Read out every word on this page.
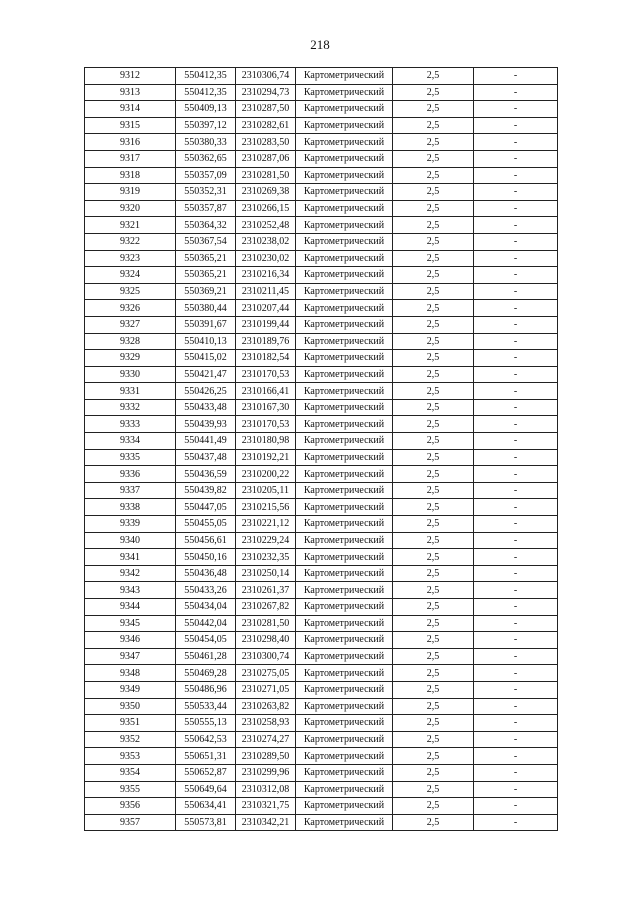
218
9312	550412,35	2310306,74	Картометрический	2,5	-
9313	550412,35	2310294,73	Картометрический	2,5	-
9314	550409,13	2310287,50	Картометрический	2,5	-
9315	550397,12	2310282,61	Картометрический	2,5	-
9316	550380,33	2310283,50	Картометрический	2,5	-
9317	550362,65	2310287,06	Картометрический	2,5	-
9318	550357,09	2310281,50	Картометрический	2,5	-
9319	550352,31	2310269,38	Картометрический	2,5	-
9320	550357,87	2310266,15	Картометрический	2,5	-
9321	550364,32	2310252,48	Картометрический	2,5	-
9322	550367,54	2310238,02	Картометрический	2,5	-
9323	550365,21	2310230,02	Картометрический	2,5	-
9324	550365,21	2310216,34	Картометрический	2,5	-
9325	550369,21	2310211,45	Картометрический	2,5	-
9326	550380,44	2310207,44	Картометрический	2,5	-
9327	550391,67	2310199,44	Картометрический	2,5	-
9328	550410,13	2310189,76	Картометрический	2,5	-
9329	550415,02	2310182,54	Картометрический	2,5	-
9330	550421,47	2310170,53	Картометрический	2,5	-
9331	550426,25	2310166,41	Картометрический	2,5	-
9332	550433,48	2310167,30	Картометрический	2,5	-
9333	550439,93	2310170,53	Картометрический	2,5	-
9334	550441,49	2310180,98	Картометрический	2,5	-
9335	550437,48	2310192,21	Картометрический	2,5	-
9336	550436,59	2310200,22	Картометрический	2,5	-
9337	550439,82	2310205,11	Картометрический	2,5	-
9338	550447,05	2310215,56	Картометрический	2,5	-
9339	550455,05	2310221,12	Картометрический	2,5	-
9340	550456,61	2310229,24	Картометрический	2,5	-
9341	550450,16	2310232,35	Картометрический	2,5	-
9342	550436,48	2310250,14	Картометрический	2,5	-
9343	550433,26	2310261,37	Картометрический	2,5	-
9344	550434,04	2310267,82	Картометрический	2,5	-
9345	550442,04	2310281,50	Картометрический	2,5	-
9346	550454,05	2310298,40	Картометрический	2,5	-
9347	550461,28	2310300,74	Картометрический	2,5	-
9348	550469,28	2310275,05	Картометрический	2,5	-
9349	550486,96	2310271,05	Картометрический	2,5	-
9350	550533,44	2310263,82	Картометрический	2,5	-
9351	550555,13	2310258,93	Картометрический	2,5	-
9352	550642,53	2310274,27	Картометрический	2,5	-
9353	550651,31	2310289,50	Картометрический	2,5	-
9354	550652,87	2310299,96	Картометрический	2,5	-
9355	550649,64	2310312,08	Картометрический	2,5	-
9356	550634,41	2310321,75	Картометрический	2,5	-
9357	550573,81	2310342,21	Картометрический	2,5	-
